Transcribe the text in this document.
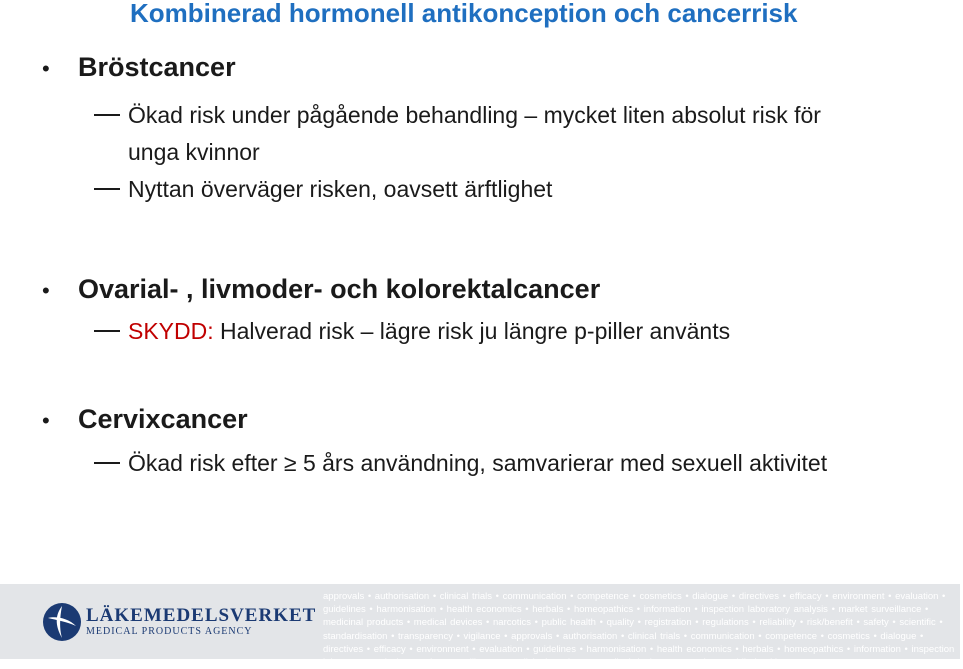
Kombinerad hormonell antikonception och cancerrisk
•	Bröstcancer
Ökad risk under pågående behandling – mycket liten absolut risk för unga kvinnor
Nyttan överväger risken, oavsett ärftlighet
•	Ovarial- , livmoder- och kolorektalcancer
SKYDD: Halverad risk – lägre risk ju längre p-piller använts
•	Cervixcancer
Ökad risk efter ≥ 5 års användning, samvarierar med sexuell aktivitet
approvals • authorisation • clinical trials • communication • competence • cosmetics • dialogue • directives • efficacy • environment • evaluation • guidelines • harmonisation • health economics • herbals • homeopathics • information • inspection laboratory analysis • market surveillance • medicinal products • medical devices • narcotics • public health • quality • registration • regulations • reliability • risk/benefit • safety • scientific • standardisation • transparency • vigilance • approvals • authorisation • clinical trials • communication • competence • cosmetics • dialogue • directives • efficacy • environment • evaluation • guidelines • harmonisation • health economics • herbals • homeopathics • information • inspection laboratory analysis • market surveillance • medicinal products • medical devices • narcotics • public health
LÄKEMEDELSVERKET
MEDICAL PRODUCTS AGENCY
